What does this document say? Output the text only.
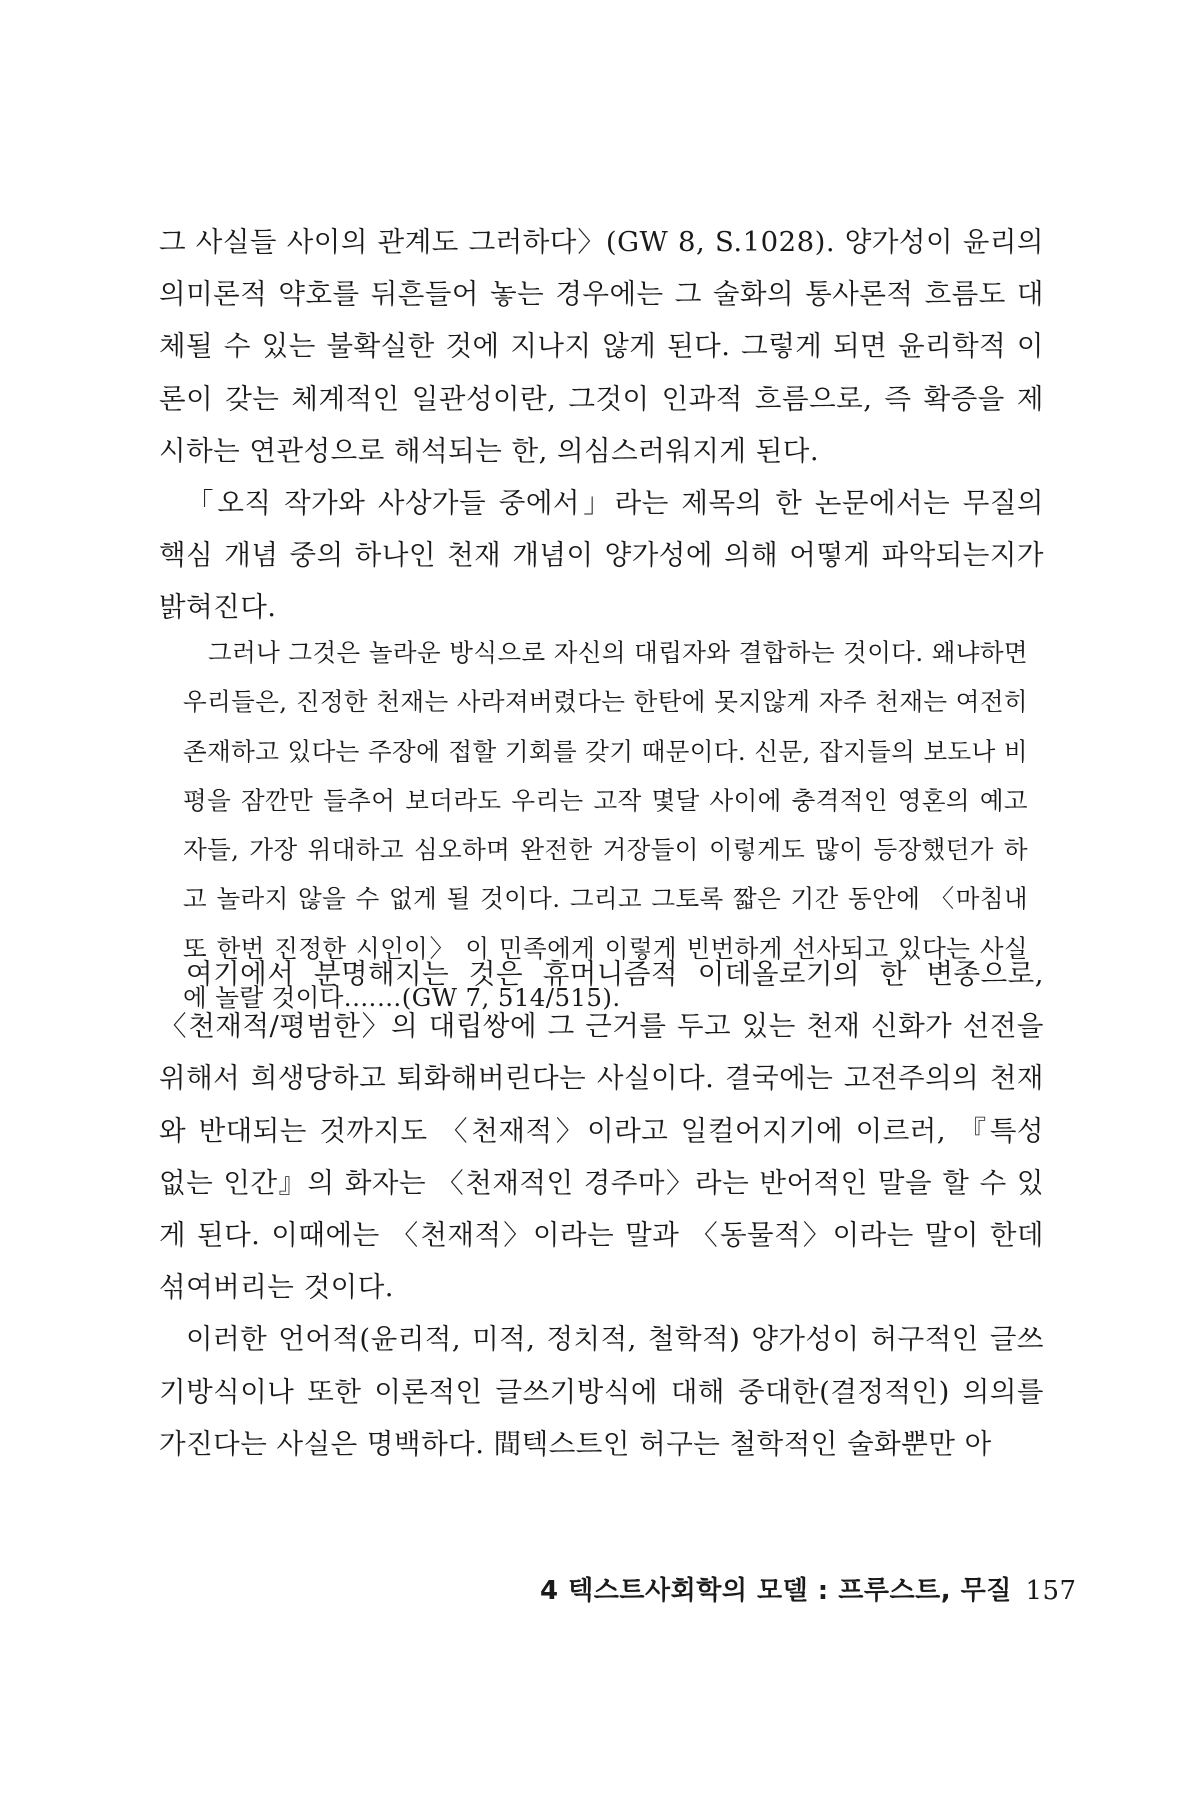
그 사실들 사이의 관계도 그러하다〉(GW 8, S.1028). 양가성이 윤리의 의미론적 약호를 뒤흔들어 놓는 경우에는 그 술화의 통사론적 흐름도 대체될 수 있는 불확실한 것에 지나지 않게 된다. 그렇게 되면 윤리학적 이론이 갖는 체계적인 일관성이란, 그것이 인과적 흐름으로, 즉 확증을 제시하는 연관성으로 해석되는 한, 의심스러워지게 된다.

「오직 작가와 사상가들 중에서」라는 제목의 한 논문에서는 무질의 핵심 개념 중의 하나인 천재 개념이 양가성에 의해 어떻게 파악되는지가 밝혀진다.

그러나 그것은 놀라운 방식으로 자신의 대립자와 결합하는 것이다. 왜냐하면 우리들은, 진정한 천재는 사라져버렸다는 한탄에 못지않게 자주 천재는 여전히 존재하고 있다는 주장에 접할 기회를 갖기 때문이다. 신문, 잡지들의 보도나 비평을 잠깐만 들추어 보더라도 우리는 고작 몇달 사이에 충격적인 영혼의 예고자들, 가장 위대하고 심오하며 완전한 거장들이 이렇게도 많이 등장했던가 하고 놀라지 않을 수 없게 될 것이다. 그리고 그토록 짧은 기간 동안에 〈마침내 또 한번 진정한 시인이〉 이 민족에게 이렇게 빈번하게 선사되고 있다는 사실에 놀랄 것이다.……(GW 7, 514/515).

여기에서 분명해지는 것은 휴머니즘적 이데올로기의 한 변종으로, 〈천재적/평범한〉의 대립쌍에 그 근거를 두고 있는 천재 신화가 선전을 위해서 희생당하고 퇴화해버린다는 사실이다. 결국에는 고전주의의 천재와 반대되는 것까지도 〈천재적〉이라고 일컬어지기에 이르러, 『특성 없는 인간』의 화자는 〈천재적인 경주마〉라는 반어적인 말을 할 수 있게 된다. 이때에는 〈천재적〉이라는 말과 〈동물적〉이라는 말이 한데 섞여버리는 것이다.

이러한 언어적(윤리적, 미적, 정치적, 철학적) 양가성이 허구적인 글쓰기방식이나 또한 이론적인 글쓰기방식에 대해 중대한(결정적인) 의의를 가진다는 사실은 명백하다. 間텍스트인 허구는 철학적인 술화뿐만 아

4 텍스트사회학의 모델 : 프루스트, 무질 157
